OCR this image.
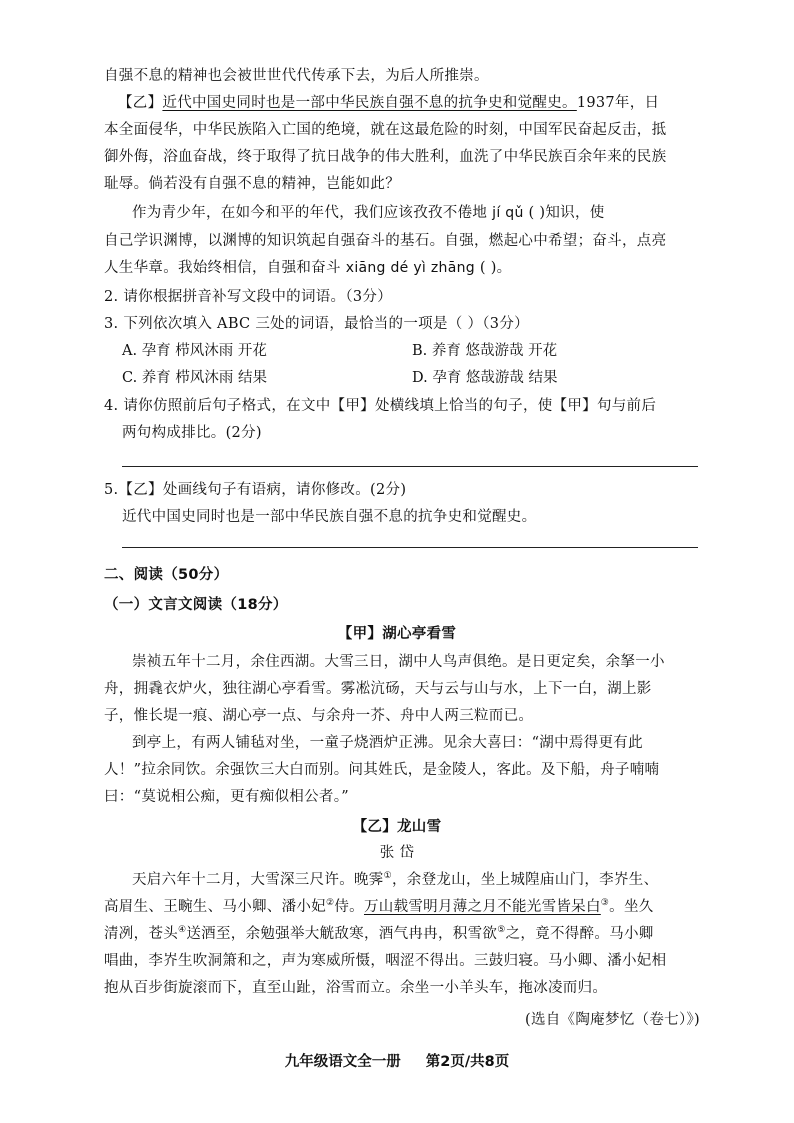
自强不息的精神也会被世世代代传承下去，为后人所推崇。
【乙】近代中国史同时也是一部中华民族自强不息的抗争史和觉醒史。1937年，日
本全面侵华，中华民族陷入亡国的绝境，就在这最危险的时刻，中国军民奋起反击，抵
御外侮，浴血奋战，终于取得了抗日战争的伟大胜利，血洗了中华民族百余年来的民族
耻辱。倘若没有自强不息的精神，岂能如此？
作为青少年，在如今和平的年代，我们应该孜孜不倦地 jí qǔ ( )知识，使
自己学识渊博，以渊博的知识筑起自强奋斗的基石。自强，燃起心中希望；奋斗，点亮
人生华章。我始终相信，自强和奋斗 xiāng dé yì zhāng ( )。
2. 请你根据拼音补写文段中的词语。（3分）
3. 下列依次填入 ABC 三处的词语，最恰当的一项是（ ）（3分）
A. 孕育 栉风沐雨 开花	B. 养育 悠哉游哉 开花
C. 养育 栉风沐雨 结果	D. 孕育 悠哉游哉 结果
4. 请你仿照前后句子格式，在文中【甲】处横线填上恰当的句子，使【甲】句与前后
两句构成排比。(2分)
5.【乙】处画线句子有语病，请你修改。(2分)
近代中国史同时也是一部中华民族自强不息的抗争史和觉醒史。
二、阅读（50分）
（一）文言文阅读（18分）
【甲】湖心亭看雪
崇祯五年十二月，余住西湖。大雪三日，湖中人鸟声俱绝。是日更定矣，余拏一小
舟，拥毳衣炉火，独往湖心亭看雪。雾凇沆砀，天与云与山与水，上下一白，湖上影
子，惟长堤一痕、湖心亭一点、与余舟一芥、舟中人两三粒而已。
到亭上，有两人铺毡对坐，一童子烧酒炉正沸。见余大喜曰：“湖中焉得更有此
人！”拉余同饮。余强饮三大白而别。问其姓氏，是金陵人，客此。及下船，舟子喃喃
曰：“莫说相公痴，更有痴似相公者。”
【乙】龙山雪
张 岱
天启六年十二月，大雪深三尺许。晚霁①，余登龙山，坐上城隍庙山门，李岕生、
高眉生、王畹生、马小卿、潘小妃②侍。万山载雪明月薄之月不能光雪皆呆白③。坐久
清冽，苍头④送酒至，余勉强举大觥敌寒，酒气冉冉，积雪欲⑤之，竟不得醉。马小卿
唱曲，李岕生吹洞箫和之，声为寒威所慑，咽涩不得出。三鼓归寝。马小卿、潘小妃相
抱从百步街旋滚而下，直至山趾，浴雪而立。余坐一小羊头车，拖冰凌而归。
(选自《陶庵梦忆（卷七）》)
九年级语文全一册 第2页/共8页
